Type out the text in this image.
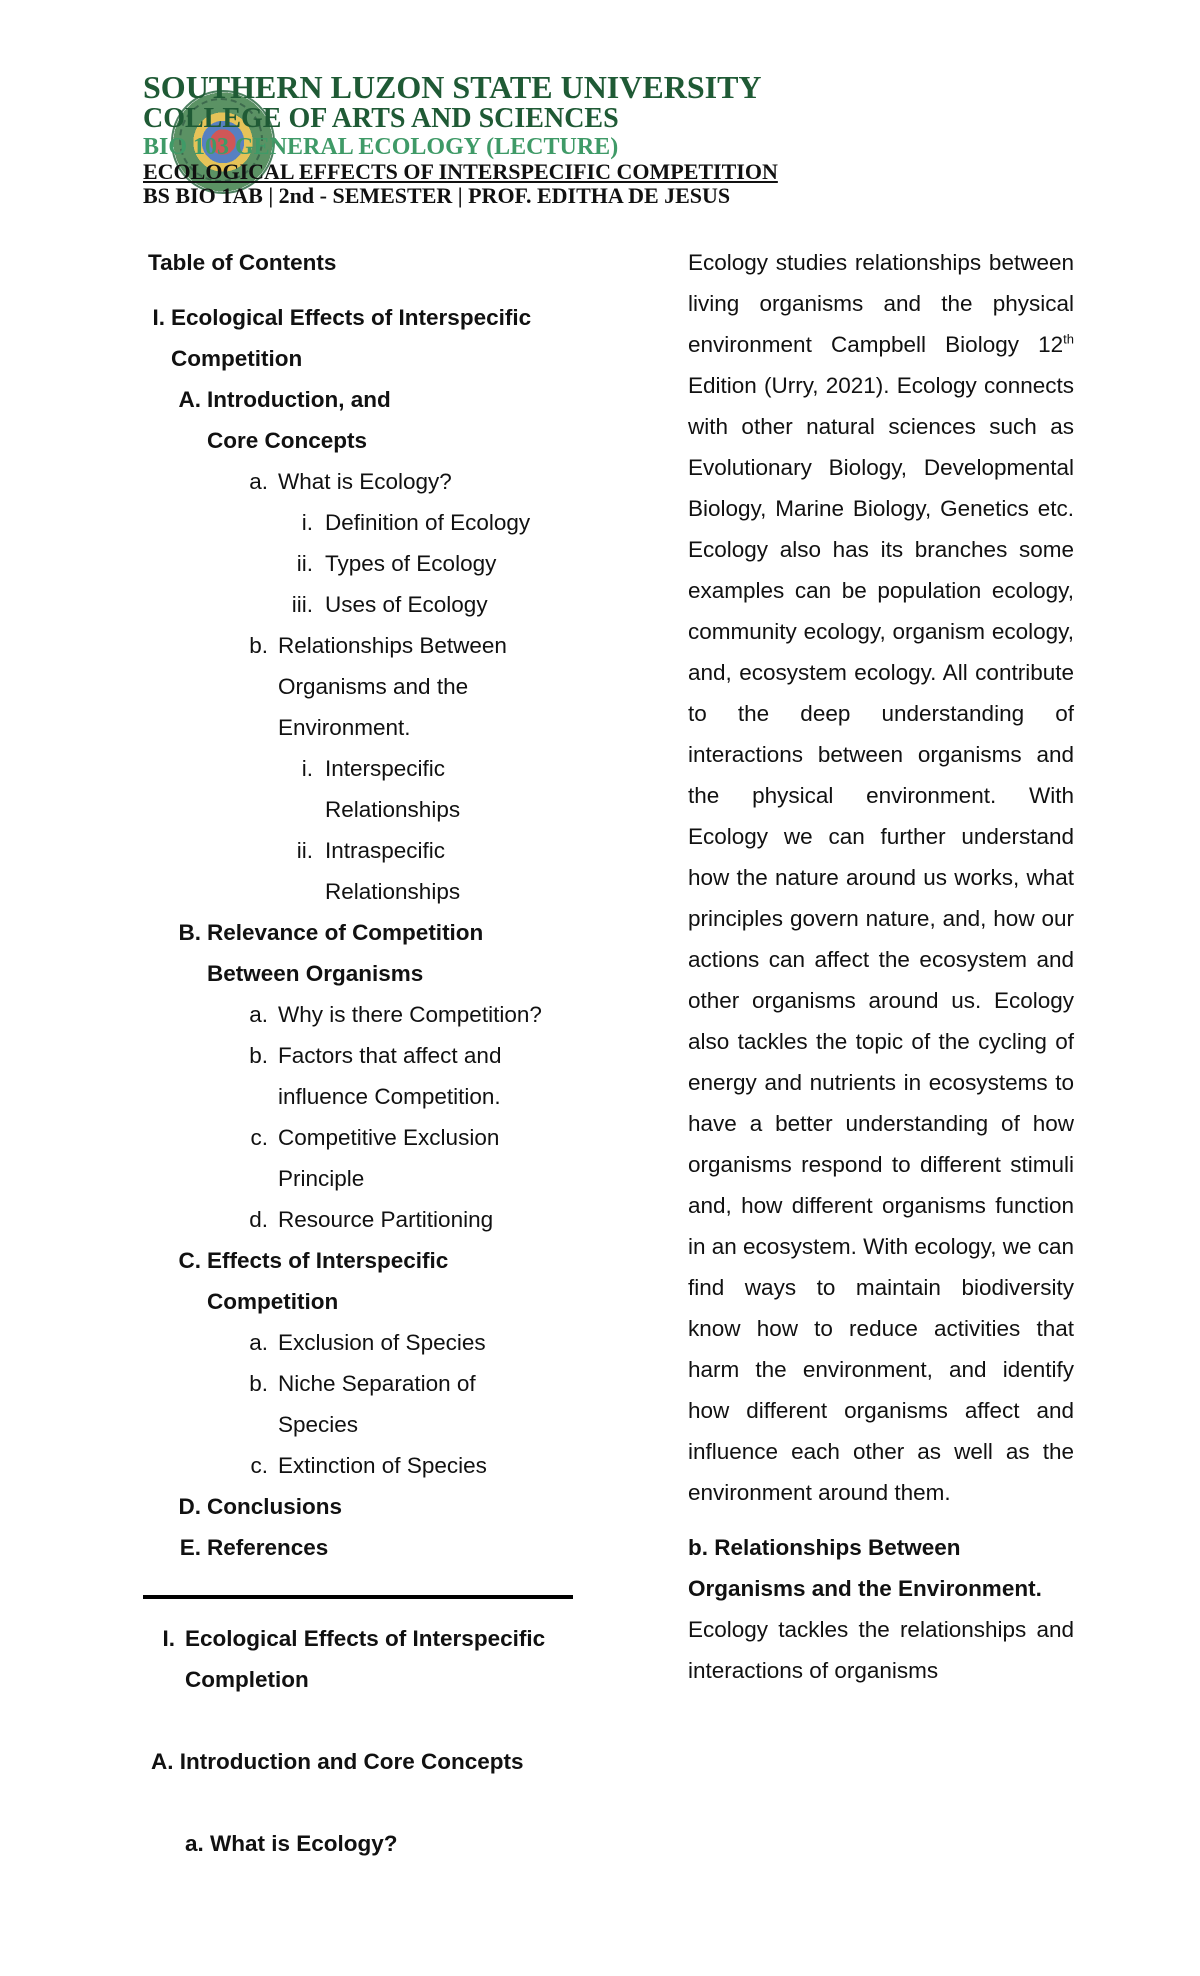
SOUTHERN LUZON STATE UNIVERSITY
COLLEGE OF ARTS AND SCIENCES
BIO 103 GENERAL ECOLOGY (LECTURE)
ECOLOGICAL EFFECTS OF INTERSPECIFIC COMPETITION
BS BIO 1AB | 2nd - SEMESTER | PROF. EDITHA DE JESUS
Table of Contents
I. Ecological Effects of Interspecific Competition
A. Introduction, and Core Concepts
a. What is Ecology?
i. Definition of Ecology
ii. Types of Ecology
iii. Uses of Ecology
b. Relationships Between Organisms and the Environment.
i. Interspecific Relationships
ii. Intraspecific Relationships
B. Relevance of Competition Between Organisms
a. Why is there Competition?
b. Factors that affect and influence Competition.
c. Competitive Exclusion Principle
d. Resource Partitioning
C. Effects of Interspecific Competition
a. Exclusion of Species
b. Niche Separation of Species
c. Extinction of Species
D. Conclusions
E. References
I. Ecological Effects of Interspecific Completion
A. Introduction and Core Concepts
a. What is Ecology?
Ecology studies relationships between living organisms and the physical environment Campbell Biology 12th Edition (Urry, 2021). Ecology connects with other natural sciences such as Evolutionary Biology, Developmental Biology, Marine Biology, Genetics etc. Ecology also has its branches some examples can be population ecology, community ecology, organism ecology, and, ecosystem ecology. All contribute to the deep understanding of interactions between organisms and the physical environment. With Ecology we can further understand how the nature around us works, what principles govern nature, and, how our actions can affect the ecosystem and other organisms around us. Ecology also tackles the topic of the cycling of energy and nutrients in ecosystems to have a better understanding of how organisms respond to different stimuli and, how different organisms function in an ecosystem. With ecology, we can find ways to maintain biodiversity know how to reduce activities that harm the environment, and identify how different organisms affect and influence each other as well as the environment around them.
b. Relationships Between Organisms and the Environment.
Ecology tackles the relationships and interactions of organisms
